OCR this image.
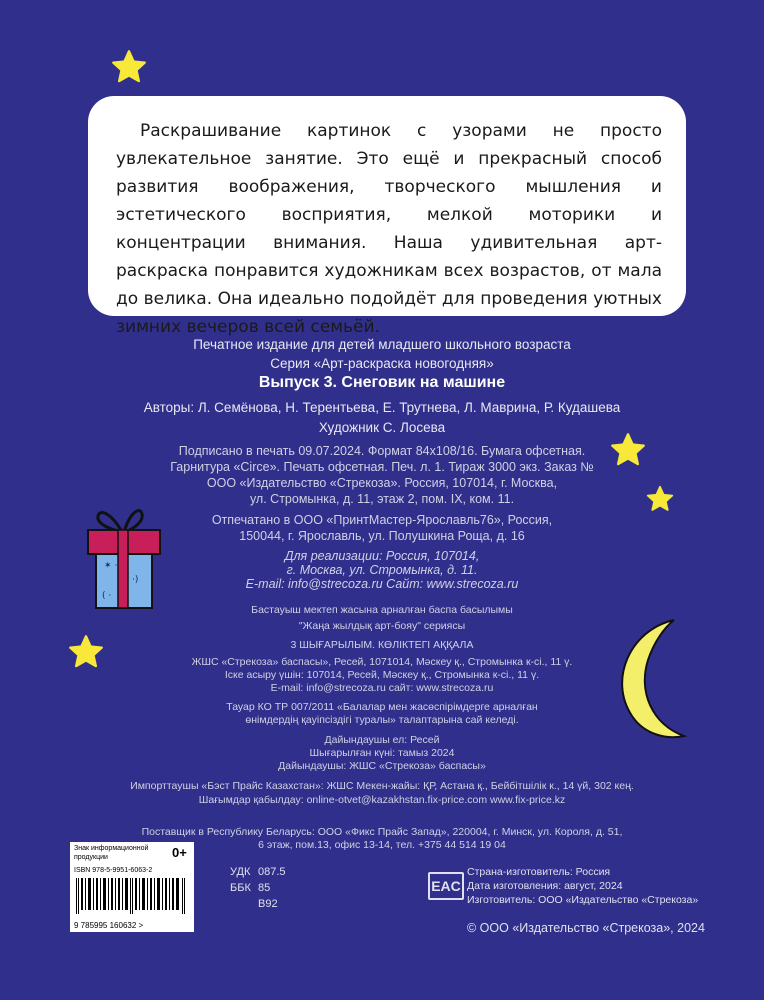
✶ ·
·)
( ·
Раскрашивание картинок с узорами не просто увлекательное занятие. Это ещё и прекрасный способ развития воображения, творческого мышления и эстетического восприятия, мелкой моторики и концентрации внимания. Наша удивительная арт-раскраска понравится художникам всех возрастов, от мала до велика. Она идеально подойдёт для проведения уютных зимних вечеров всей семьёй.
Печатное издание для детей младшего школьного возраста
Серия «Арт-раскраска новогодняя»
Выпуск 3. Снеговик на машине
Авторы: Л. Семёнова, Н. Терентьева, Е. Трутнева, Л. Маврина, Р. Кудашева
Художник С. Лосева
Подписано в печать 09.07.2024. Формат 84х108/16. Бумага офсетная.
Гарнитура «Circe». Печать офсетная. Печ. л. 1. Тираж 3000 экз. Заказ №
ООО «Издательство «Стрекоза». Россия, 107014, г. Москва,
ул. Стромынка, д. 11, этаж 2, пом. IX, ком. 11.
Отпечатано в ООО «ПринтМастер-Ярославль76», Россия,
150044, г. Ярославль, ул. Полушкина Роща, д. 16
Для реализации: Россия, 107014,
г. Москва, ул. Стромынка, д. 11.
E-mail: info@strecoza.ru Сайт: www.strecoza.ru
Бастауыш мектеп жасына арналған баспа басылымы
"Жаңа жылдық арт-бояу" сериясы
3 ШЫҒАРЫЛЫМ. КӨЛІКТЕГІ АҚҚАЛА
ЖШС «Стрекоза» баспасы», Ресей, 1071014, Мәскеу қ., Стромынка к-сі., 11 ү.
Іске асыру үшін: 107014, Ресей, Мәскеу қ., Стромынка к-сі., 11 ү.
E-mail: info@strecoza.ru сайт: www.strecoza.ru
Тауар КО ТР 007/2011 «Балалар мен жасөспірімдерге арналған
өнімдердің қауіпсіздігі туралы» талаптарына сай келеді.
Дайындаушы ел: Ресей
Шығарылған күні: тамыз 2024
Дайындаушы: ЖШС «Стрекоза» баспасы»
Импорттаушы «Бэст Прайс Казахстан»: ЖШС Мекен-жайы: ҚР, Астана қ., Бейбітшілік к., 14 үй, 302 кең.
Шағымдар қабылдау: online-otvet@kazakhstan.fix-price.com www.fix-price.kz
Поставщик в Республику Беларусь: ООО «Фикс Прайс Запад», 220004, г. Минск, ул. Короля, д. 51,
6 этаж, пом.13, офис 13-14, тел. +375 44 514 19 04
Знак информационной
продукции	0+
ISBN 978-5-9951-6063-2
9 785995 160632 >
УДК 087.5
ББК 85
В92
EAC
Страна-изготовитель: Россия
Дата изготовления: август, 2024
Изготовитель: ООО «Издательство «Стрекоза»
© ООО «Издательство «Стрекоза», 2024
